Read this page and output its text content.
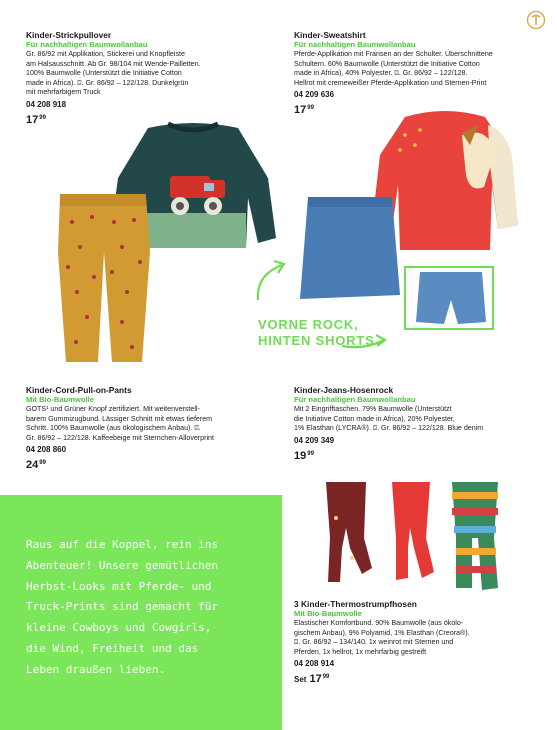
Kinder-Strickpullover
Für nachhaltigen Baumwollanbau
Gr. 86/92 mit Applikation, Stickerei und Knopfleiste
am Halsausschnitt. Ab Gr. 98/104 mit Wende-Pailletten.
100% Baumwolle (Unterstützt die Initiative Cotton
made in Africa). ⌼. Gr. 86/92 – 122/128. Dunkelgrün
mit mehrfarbigem Truck
04 208 918
$17^{99}$
Kinder-Sweatshirt
Für nachhaltigen Baumwollanbau
Pferde-Applikation mit Fransen an der Schulter. Überschnittene
Schultern. 60% Baumwolle (Unterstützt die Initiative Cotton
made in Africa), 40% Polyester. ⌼. Gr. 86/92 – 122/128.
Hellrot mit cremeweißer Pferde-Applikation und Sternen-Print
04 209 636
$17^{99}$
VORNE ROCK,
HINTEN SHORTS
Kinder-Cord-Pull-on-Pants
Mit Bio-Baumwolle
GOTS¹ und Grüner Knopf zertifiziert. Mit weitenverstell-
barem Gummizugbund. Lässiger Schnitt mit etwas tieferem
Schritt. 100% Baumwolle (aus ökologischem Anbau). ⌼.
Gr. 86/92 – 122/128. Kaffeebeige mit Sternchen-Alloverprint
04 208 860
$24^{99}$
Kinder-Jeans-Hosenrock
Für nachhaltigen Baumwollanbau
Mit 2 Eingrifftaschen. 79% Baumwolle (Unterstützt
die Initiative Cotton made in Africa), 20% Polyester,
1% Elasthan (LYCRA®). ⌼. Gr. 86/92 – 122/128. Blue denim
04 209 349
$19^{99}$
Raus auf die Koppel, rein ins
Abenteuer! Unsere gemütlichen
Herbst-Looks mit Pferde- und
Truck-Prints sind gemacht für
kleine Cowboys und Cowgirls,
die Wind, Freiheit und das
Leben draußen lieben.
3 Kinder-Thermostrumpfhosen
Mit Bio-Baumwolle
Elastischer Komfortbund. 90% Baumwolle (aus ökolo-
gischem Anbau), 9% Polyamid, 1% Elasthan (Creora®).
⌼. Gr. 86/92 – 134/140. 1x weinrot mit Sternen und
Pferden, 1x hellrot, 1x mehrfarbig gestreift
04 208 914
Set $17^{99}$
